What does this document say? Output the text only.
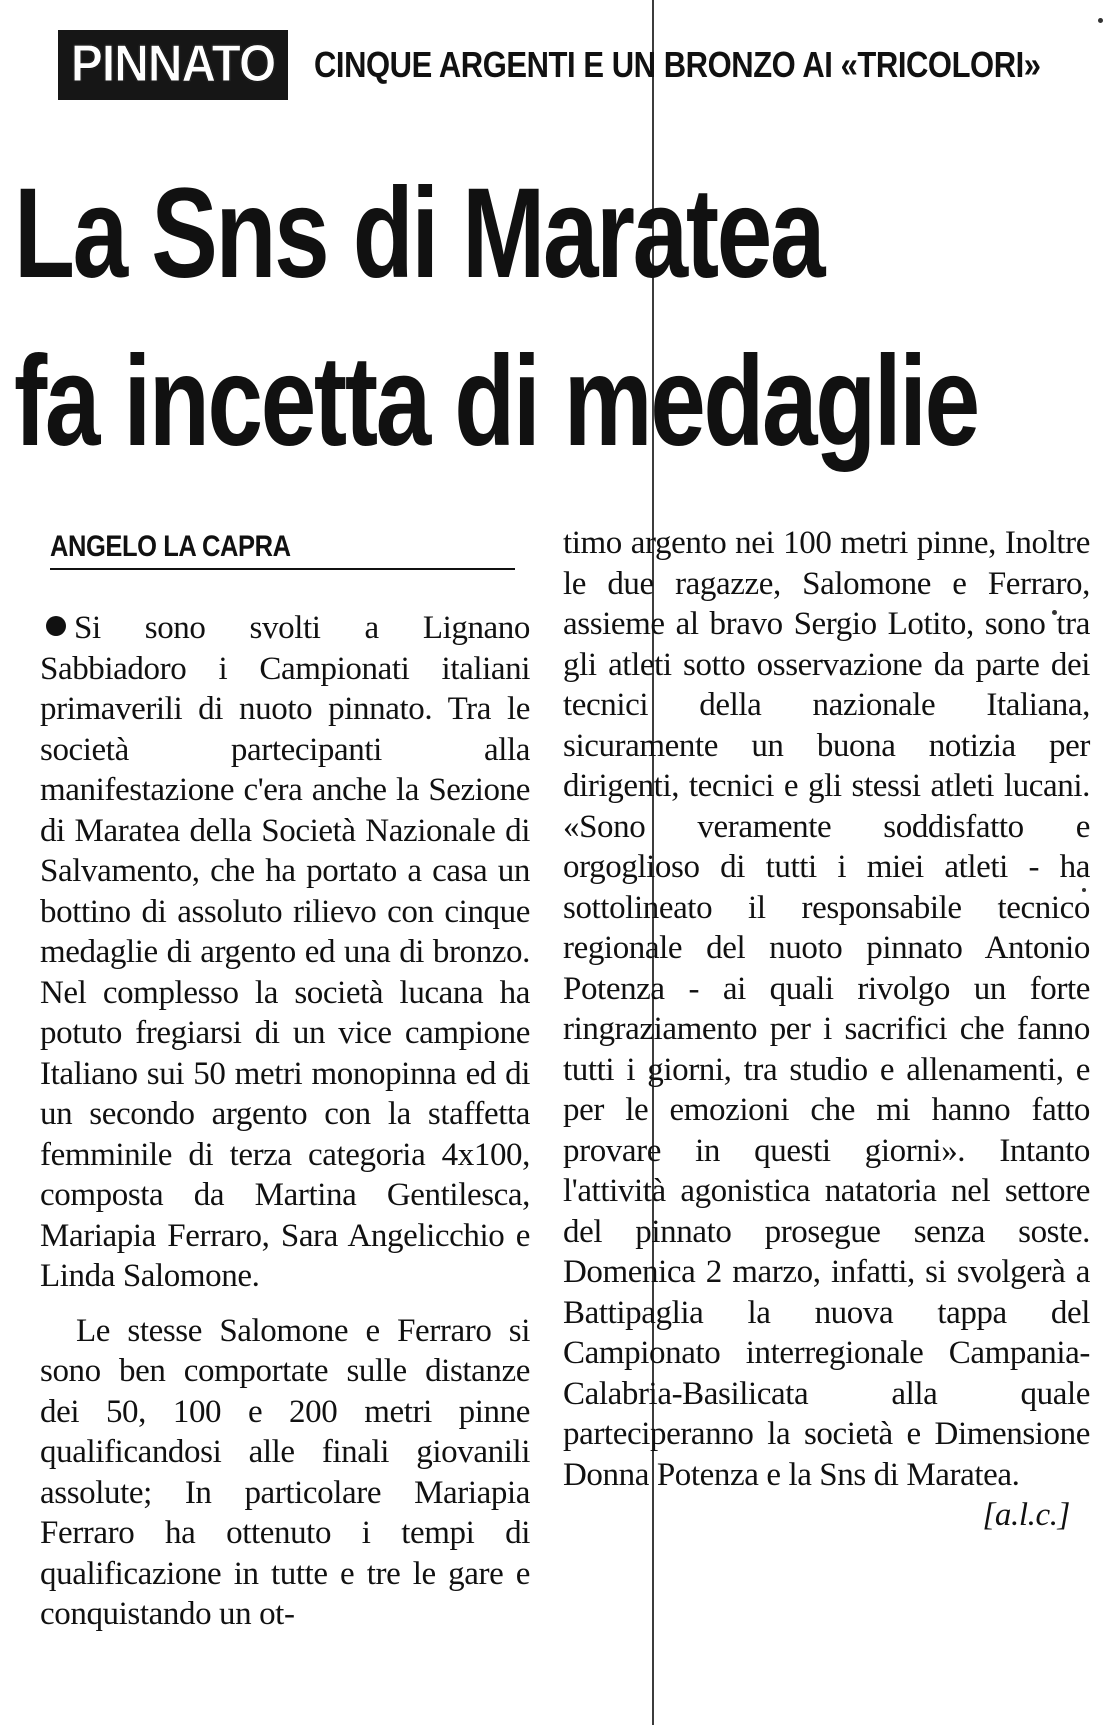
PINNATO	CINQUE ARGENTI E UN BRONZO AI «TRICOLORI»
La Sns di Maratea
fa incetta di medaglie
ANGELO LA CAPRA

Si sono svolti a Lignano Sabbiadoro i Campionati italiani primaverili di nuoto pinnato. Tra le società partecipanti alla manifestazione c'era anche la Sezione di Maratea della Società Nazionale di Salvamento, che ha portato a casa un bottino di assoluto rilievo con cinque medaglie di argento ed una di bronzo. Nel complesso la società lucana ha potuto fregiarsi di un vice campione Italiano sui 50 metri monopinna ed di un secondo argento con la staffetta femminile di terza categoria 4x100, composta da Martina Gentilesca, Mariapia Ferraro, Sara Angelicchio e Linda Salomone.

Le stesse Salomone e Ferraro si sono ben comportate sulle distanze dei 50, 100 e 200 metri pinne qualificandosi alle finali giovanili assolute; In particolare Mariapia Ferraro ha ottenuto i tempi di qualificazione in tutte e tre le gare e conquistando un ot-

timo argento nei 100 metri pinne, Inoltre le due ragazze, Salomone e Ferraro, assieme al bravo Sergio Lotito, sono tra gli atleti sotto osservazione da parte dei tecnici della nazionale Italiana, sicuramente un buona notizia per dirigenti, tecnici e gli stessi atleti lucani. «Sono veramente soddisfatto e orgoglioso di tutti i miei atleti - ha sottolineato il responsabile tecnico regionale del nuoto pinnato Antonio Potenza - ai quali rivolgo un forte ringraziamento per i sacrifici che fanno tutti i giorni, tra studio e allenamenti, e per le emozioni che mi hanno fatto provare in questi giorni». Intanto l'attività agonistica natatoria nel settore del pinnato prosegue senza soste. Domenica 2 marzo, infatti, si svolgerà a Battipaglia la nuova tappa del Campionato interregionale Campania-Calabria-Basilicata alla quale parteciperanno la società e Dimensione Donna Potenza e la Sns di Maratea.
[a.l.c.]
